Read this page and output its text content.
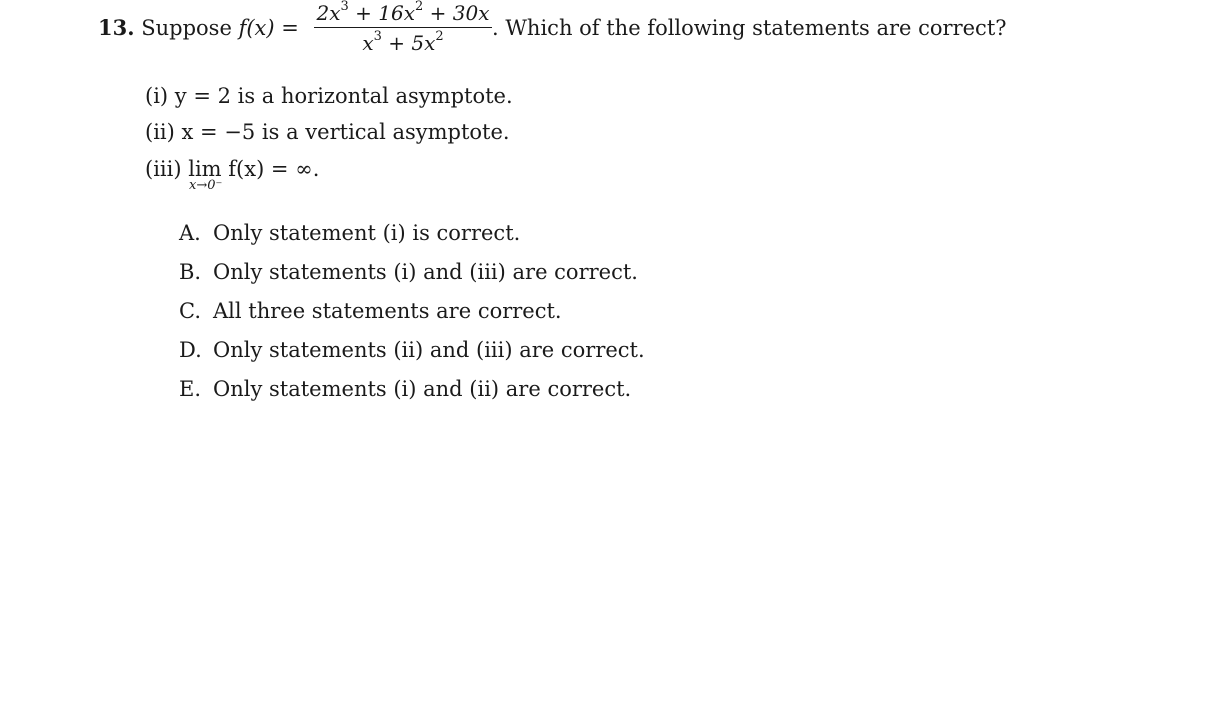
13. Suppose f(x) =
$2x^3 + 16x^2 + 30x$
$x^3 + 5x^2$	. Which of the following statements are correct?
(i) y = 2 is a horizontal asymptote.
(ii) x = −5 is a vertical asymptote.
(iii) lim f(x) = ∞.
x→0⁻
A. Only statement (i) is correct.
B. Only statements (i) and (iii) are correct.
C. All three statements are correct.
D. Only statements (ii) and (iii) are correct.
E. Only statements (i) and (ii) are correct.
